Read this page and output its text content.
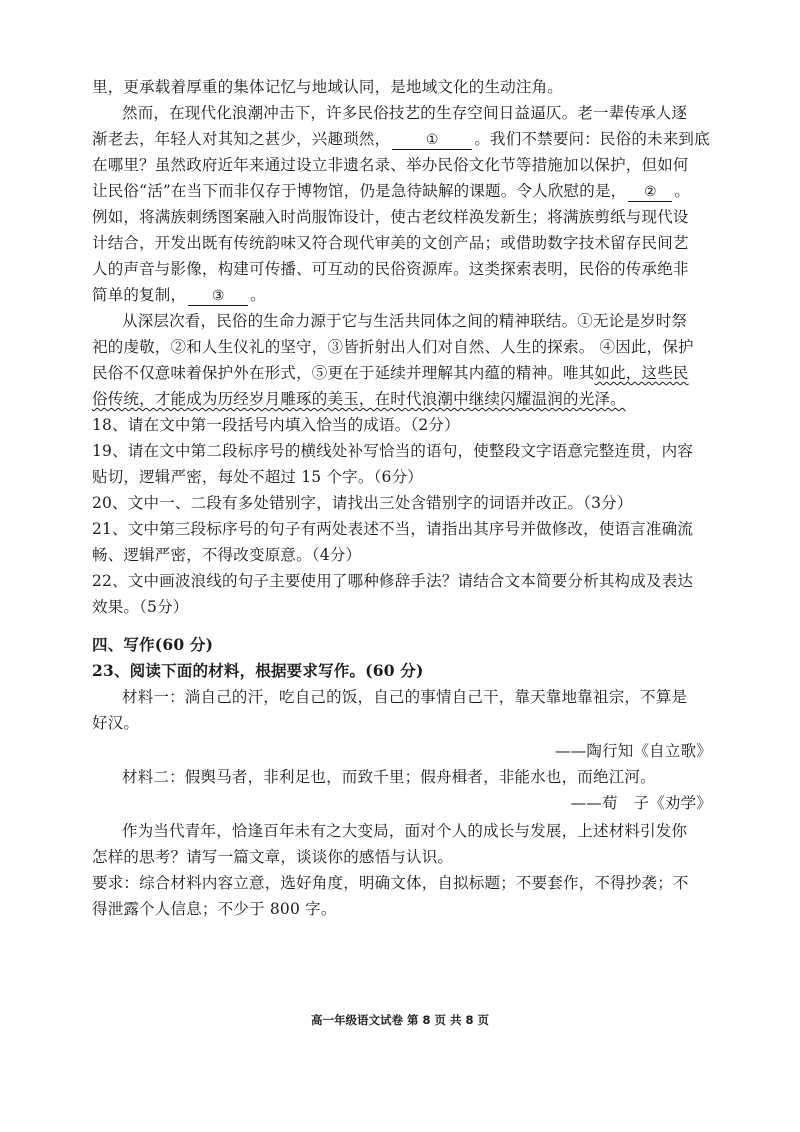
里，更承载着厚重的集体记忆与地域认同，是地域文化的生动注角。
然而，在现代化浪潮冲击下，许多民俗技艺的生存空间日益逼仄。老一辈传承人逐
渐老去，年轻人对其知之甚少，兴趣琐然，	① 。我们不禁要问：民俗的未来到底
在哪里？虽然政府近年来通过设立非遗名录、举办民俗文化节等措施加以保护，但如何
让民俗“活”在当下而非仅存于博物馆，仍是急待缺解的课题。令人欣慰的是， ② 。
例如，将满族刺绣图案融入时尚服饰设计，使古老纹样涣发新生；将满族剪纸与现代设
计结合，开发出既有传统韵味又符合现代审美的文创产品；或借助数字技术留存民间艺
人的声音与影像，构建可传播、可互动的民俗资源库。这类探索表明，民俗的传承绝非
简单的复制， ③ 。
从深层次看，民俗的生命力源于它与生活共同体之间的精神联结。①无论是岁时祭
祀的虔敬，②和人生仪礼的坚守，③皆折射出人们对自然、人生的探索。 ④因此，保护
民俗不仅意味着保护外在形式，⑤更在于延续并理解其内蕴的精神。唯其如此，这些民
俗传统，才能成为历经岁月雕琢的美玉，在时代浪潮中继续闪耀温润的光泽。
18、请在文中第一段括号内填入恰当的成语。（2分）
19、请在文中第二段标序号的横线处补写恰当的语句，使整段文字语意完整连贯，内容
贴切，逻辑严密，每处不超过 15 个字。（6分）
20、文中一、二段有多处错别字，请找出三处含错别字的词语并改正。（3分）
21、文中第三段标序号的句子有两处表述不当，请指出其序号并做修改，使语言准确流
畅、逻辑严密，不得改变原意。（4分）
22、文中画波浪线的句子主要使用了哪种修辞手法？请结合文本简要分析其构成及表达
效果。（5分）
四、写作(60 分)
23、阅读下面的材料，根据要求写作。(60 分)
材料一：淌自己的汗，吃自己的饭，自己的事情自己干，靠天靠地靠祖宗，不算是
好汉。
——陶行知《自立歌》
材料二：假舆马者，非利足也，而致千里；假舟楫者，非能水也，而绝江河。
——荀　子《劝学》
作为当代青年，恰逢百年未有之大变局，面对个人的成长与发展，上述材料引发你
怎样的思考？请写一篇文章，谈谈你的感悟与认识。
要求：综合材料内容立意，选好角度，明确文体，自拟标题；不要套作，不得抄袭；不
得泄露个人信息；不少于 800 字。
高一年级语文试卷 第 8 页 共 8 页
